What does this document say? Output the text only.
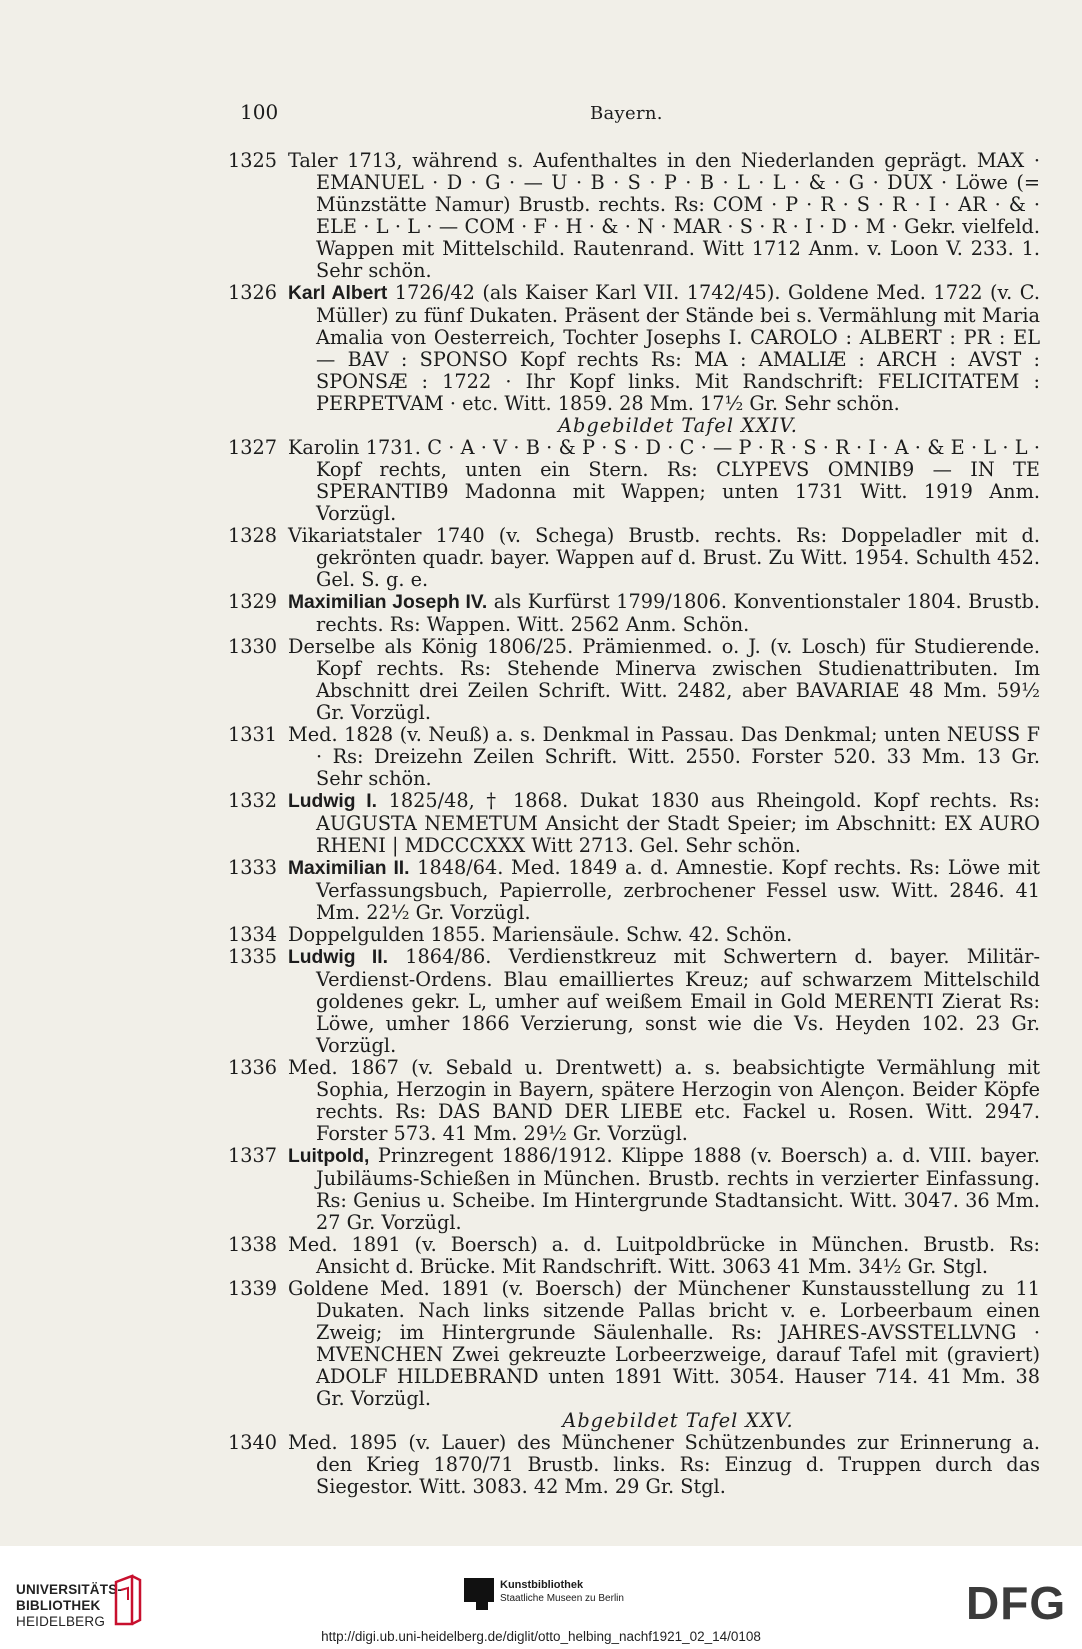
100	Bayern.
1325 Taler 1713, während s. Aufenthaltes in den Niederlanden geprägt. MAX · EMANUEL · D · G · — U · B · S · P · B · L · L · & · G · DUX · Löwe (= Münzstätte Namur) Brustb. rechts. Rs: COM · P · R · S · R · I · AR · & · ELE · L · L · — COM · F · H · & · N · MAR · S · R · I · D · M · Gekr. vielfeld. Wappen mit Mittelschild. Rautenrand. Witt 1712 Anm. v. Loon V. 233. 1. Sehr schön.
1326 Karl Albert 1726/42 (als Kaiser Karl VII. 1742/45). Goldene Med. 1722 (v. C. Müller) zu fünf Dukaten. Präsent der Stände bei s. Vermählung mit Maria Amalia von Oesterreich, Tochter Josephs I. CAROLO : ALBERT : PR : EL — BAV : SPONSO Kopf rechts Rs: MA : AMALIÆ : ARCH : AVST : SPONSÆ : 1722 · Ihr Kopf links. Mit Randschrift: FELICITATEM : PERPETVAM · etc. Witt. 1859. 28 Mm. 17½ Gr. Sehr schön.
Abgebildet Tafel XXIV.
1327 Karolin 1731. C · A · V · B · & P · S · D · C · — P · R · S · R · I · A · & E · L · L · Kopf rechts, unten ein Stern. Rs: CLYPEVS OMNIB9 — IN TE SPERANTIB9 Madonna mit Wappen; unten 1731 Witt. 1919 Anm. Vorzügl.
1328 Vikariatstaler 1740 (v. Schega) Brustb. rechts. Rs: Doppeladler mit d. gekrönten quadr. bayer. Wappen auf d. Brust. Zu Witt. 1954. Schulth 452. Gel. S. g. e.
1329 Maximilian Joseph IV. als Kurfürst 1799/1806. Konventionstaler 1804. Brustb. rechts. Rs: Wappen. Witt. 2562 Anm. Schön.
1330 Derselbe als König 1806/25. Prämienmed. o. J. (v. Losch) für Studierende. Kopf rechts. Rs: Stehende Minerva zwischen Studienattributen. Im Abschnitt drei Zeilen Schrift. Witt. 2482, aber BAVARIAE 48 Mm. 59½ Gr. Vorzügl.
1331 Med. 1828 (v. Neuß) a. s. Denkmal in Passau. Das Denkmal; unten NEUSS F · Rs: Dreizehn Zeilen Schrift. Witt. 2550. Forster 520. 33 Mm. 13 Gr. Sehr schön.
1332 Ludwig I. 1825/48, † 1868. Dukat 1830 aus Rheingold. Kopf rechts. Rs: AUGUSTA NEMETUM Ansicht der Stadt Speier; im Abschnitt: EX AURO RHENI | MDCCCXXX Witt 2713. Gel. Sehr schön.
1333 Maximilian II. 1848/64. Med. 1849 a. d. Amnestie. Kopf rechts. Rs: Löwe mit Verfassungsbuch, Papierrolle, zerbrochener Fessel usw. Witt. 2846. 41 Mm. 22½ Gr. Vorzügl.
1334 Doppelgulden 1855. Mariensäule. Schw. 42. Schön.
1335 Ludwig II. 1864/86. Verdienstkreuz mit Schwertern d. bayer. Militär-Verdienst-Ordens. Blau emailliertes Kreuz; auf schwarzem Mittelschild goldenes gekr. L, umher auf weißem Email in Gold MERENTI Zierat Rs: Löwe, umher 1866 Verzierung, sonst wie die Vs. Heyden 102. 23 Gr. Vorzügl.
1336 Med. 1867 (v. Sebald u. Drentwett) a. s. beabsichtigte Vermählung mit Sophia, Herzogin in Bayern, spätere Herzogin von Alençon. Beider Köpfe rechts. Rs: DAS BAND DER LIEBE etc. Fackel u. Rosen. Witt. 2947. Forster 573. 41 Mm. 29½ Gr. Vorzügl.
1337 Luitpold, Prinzregent 1886/1912. Klippe 1888 (v. Boersch) a. d. VIII. bayer. Jubiläums-Schießen in München. Brustb. rechts in verzierter Einfassung. Rs: Genius u. Scheibe. Im Hintergrunde Stadtansicht. Witt. 3047. 36 Mm. 27 Gr. Vorzügl.
1338 Med. 1891 (v. Boersch) a. d. Luitpoldbrücke in München. Brustb. Rs: Ansicht d. Brücke. Mit Randschrift. Witt. 3063 41 Mm. 34½ Gr. Stgl.
1339 Goldene Med. 1891 (v. Boersch) der Münchener Kunstausstellung zu 11 Dukaten. Nach links sitzende Pallas bricht v. e. Lorbeerbaum einen Zweig; im Hintergrunde Säulenhalle. Rs: JAHRES-AVSSTELLVNG · MVENCHEN Zwei gekreuzte Lorbeerzweige, darauf Tafel mit (graviert) ADOLF HILDEBRAND unten 1891 Witt. 3054. Hauser 714. 41 Mm. 38 Gr. Vorzügl.
Abgebildet Tafel XXV.
1340 Med. 1895 (v. Lauer) des Münchener Schützenbundes zur Erinnerung a. den Krieg 1870/71 Brustb. links. Rs: Einzug d. Truppen durch das Siegestor. Witt. 3083. 42 Mm. 29 Gr. Stgl.
UNIVERSITÄTS-
BIBLIOTHEK
HEIDELBERG
Kunstbibliothek
Staatliche Museen zu Berlin	DFG
http://digi.ub.uni-heidelberg.de/diglit/otto_helbing_nachf1921_02_14/0108
